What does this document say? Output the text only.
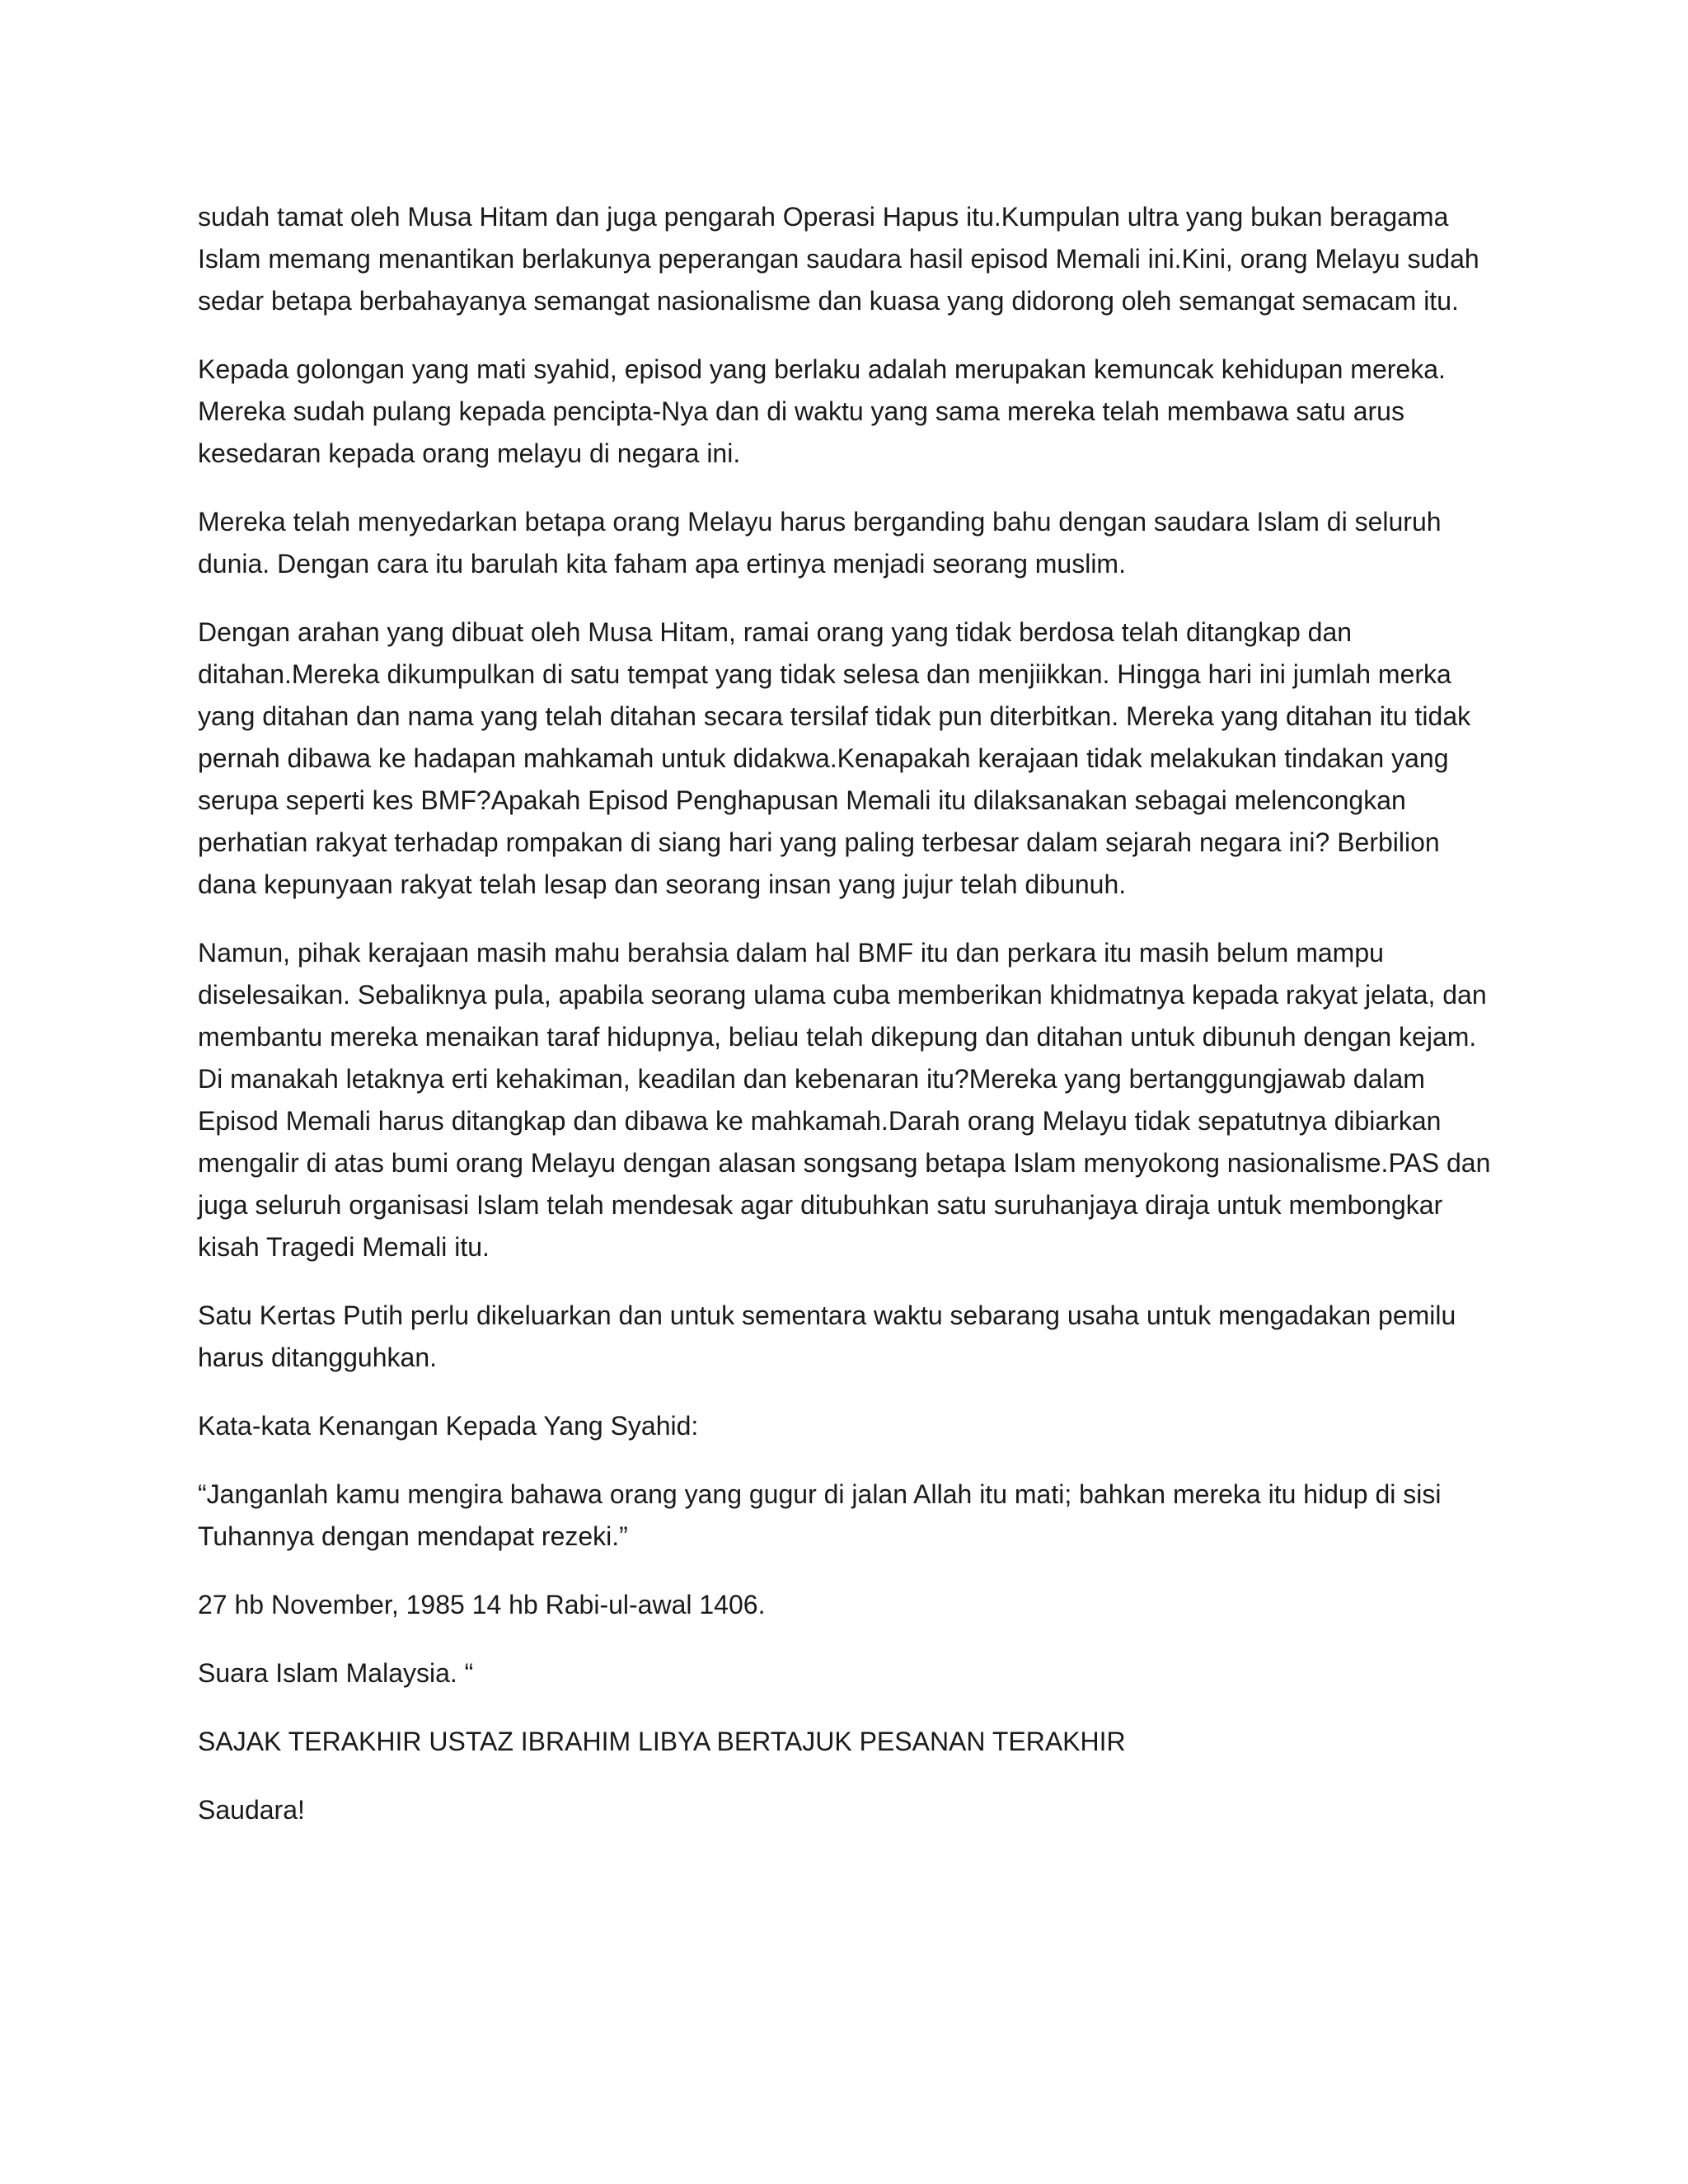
sudah tamat oleh Musa Hitam dan juga pengarah Operasi Hapus itu.Kumpulan ultra yang bukan beragama Islam memang menantikan berlakunya peperangan saudara hasil episod Memali ini.Kini, orang Melayu sudah sedar betapa berbahayanya semangat nasionalisme dan kuasa yang didorong oleh semangat semacam itu.

Kepada golongan yang mati syahid, episod yang berlaku adalah merupakan kemuncak kehidupan mereka. Mereka sudah pulang kepada pencipta-Nya dan di waktu yang sama mereka telah membawa satu arus kesedaran kepada orang melayu di negara ini.

Mereka telah menyedarkan betapa orang Melayu harus berganding bahu dengan saudara Islam di seluruh dunia. Dengan cara itu barulah kita faham apa ertinya menjadi seorang muslim.

Dengan arahan yang dibuat oleh Musa Hitam, ramai orang yang tidak berdosa telah ditangkap dan ditahan.Mereka dikumpulkan di satu tempat yang tidak selesa dan menjiikkan. Hingga hari ini jumlah merka yang ditahan dan nama yang telah ditahan secara tersilaf tidak pun diterbitkan. Mereka yang ditahan itu tidak pernah dibawa ke hadapan mahkamah untuk didakwa.Kenapakah kerajaan tidak melakukan tindakan yang serupa seperti kes BMF?Apakah Episod Penghapusan Memali itu dilaksanakan sebagai melencongkan perhatian rakyat terhadap rompakan di siang hari yang paling terbesar dalam sejarah negara ini? Berbilion dana kepunyaan rakyat telah lesap dan seorang insan yang jujur telah dibunuh.

Namun, pihak kerajaan masih mahu berahsia dalam hal BMF itu dan perkara itu masih belum mampu diselesaikan. Sebaliknya pula, apabila seorang ulama cuba memberikan khidmatnya kepada rakyat jelata, dan membantu mereka menaikan taraf hidupnya, beliau telah dikepung dan ditahan untuk dibunuh dengan kejam. Di manakah letaknya erti kehakiman, keadilan dan kebenaran itu?Mereka yang bertanggungjawab dalam Episod Memali harus ditangkap dan dibawa ke mahkamah.Darah orang Melayu tidak sepatutnya dibiarkan mengalir di atas bumi orang Melayu dengan alasan songsang betapa Islam menyokong nasionalisme.PAS dan juga seluruh organisasi Islam telah mendesak agar ditubuhkan satu suruhanjaya diraja untuk membongkar kisah Tragedi Memali itu.

Satu Kertas Putih perlu dikeluarkan dan untuk sementara waktu sebarang usaha untuk mengadakan pemilu harus ditangguhkan.

Kata-kata Kenangan Kepada Yang Syahid:

“Janganlah kamu mengira bahawa orang yang gugur di jalan Allah itu mati; bahkan mereka itu hidup di sisi Tuhannya dengan mendapat rezeki.”

27 hb November, 1985 14 hb Rabi-ul-awal 1406.

Suara Islam Malaysia. “

SAJAK TERAKHIR USTAZ IBRAHIM LIBYA BERTAJUK PESANAN TERAKHIR

Saudara!
